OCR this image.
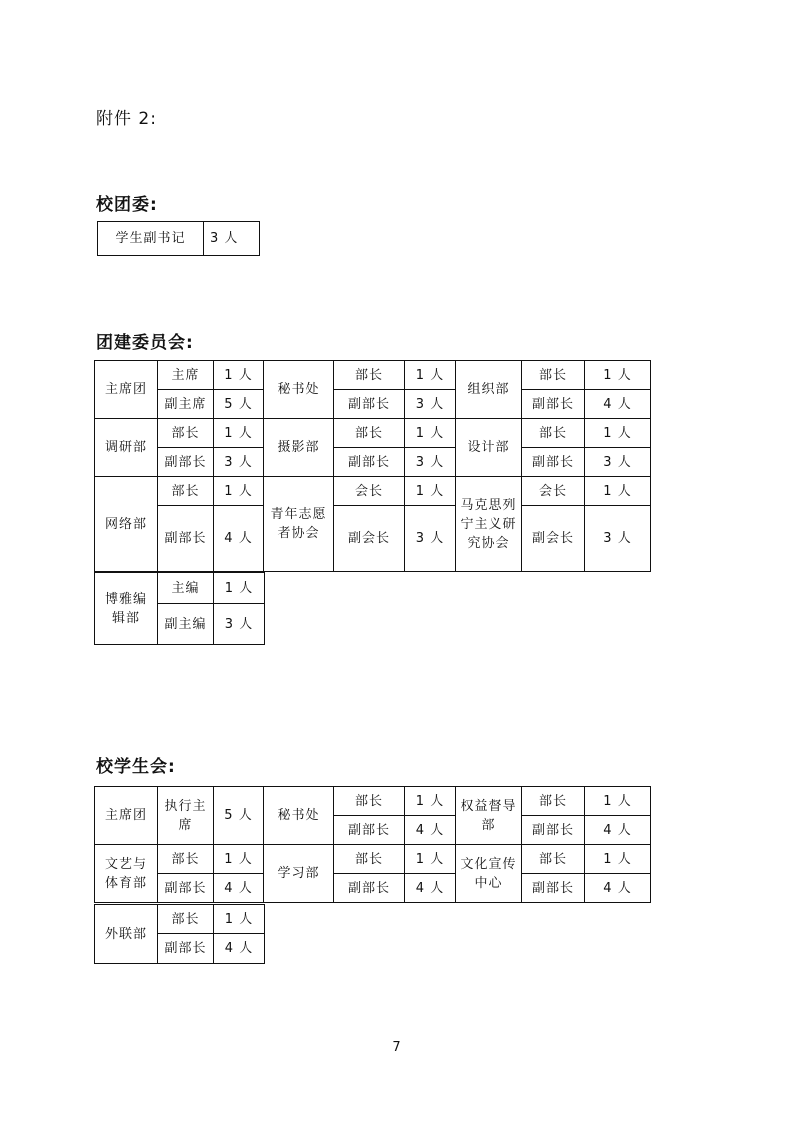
附件 2:
校团委:
学生副书记	3 人
团建委员会:
主席团	主席	1 人	秘书处	部长	1 人	组织部	部长	1 人
	副主席	5 人		副部长	3 人		副部长	4 人
调研部	部长	1 人	摄影部	部长	1 人	设计部	部长	1 人
	副部长	3 人		副部长	3 人		副部长	3 人
网络部	部长	1 人	青年志愿者协会	会长	1 人	马克思列宁主义研究协会	会长	1 人
	副部长	4 人		副会长	3 人		副会长	3 人
博雅编辑部	主编	1 人
	副主编	3 人
校学生会:
主席团	执行主席	5 人	秘书处	部长	1 人	权益督导部	部长	1 人
				副部长	4 人		副部长	4 人
文艺与体育部	部长	1 人	学习部	部长	1 人	文化宣传中心	部长	1 人
	副部长	4 人		副部长	4 人		副部长	4 人
外联部	部长	1 人
	副部长	4 人
7
